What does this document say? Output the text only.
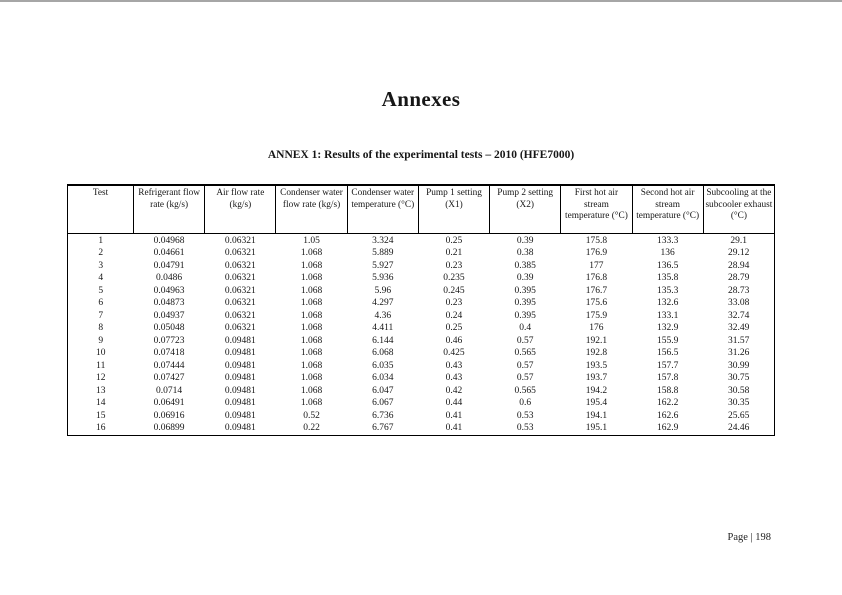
Annexes
ANNEX 1: Results of the experimental tests – 2010 (HFE7000)
Test	Refrigerant flow rate (kg/s)	Air flow rate (kg/s)	Condenser water flow rate (kg/s)	Condenser water temperature (°C)	Pump 1 setting (X1)	Pump 2 setting (X2)	First hot air stream temperature (°C)	Second hot air stream temperature (°C)	Subcooling at the subcooler exhaust (°C)
1	0.04968	0.06321	1.05	3.324	0.25	0.39	175.8	133.3	29.1
2	0.04661	0.06321	1.068	5.889	0.21	0.38	176.9	136	29.12
3	0.04791	0.06321	1.068	5.927	0.23	0.385	177	136.5	28.94
4	0.0486	0.06321	1.068	5.936	0.235	0.39	176.8	135.8	28.79
5	0.04963	0.06321	1.068	5.96	0.245	0.395	176.7	135.3	28.73
6	0.04873	0.06321	1.068	4.297	0.23	0.395	175.6	132.6	33.08
7	0.04937	0.06321	1.068	4.36	0.24	0.395	175.9	133.1	32.74
8	0.05048	0.06321	1.068	4.411	0.25	0.4	176	132.9	32.49
9	0.07723	0.09481	1.068	6.144	0.46	0.57	192.1	155.9	31.57
10	0.07418	0.09481	1.068	6.068	0.425	0.565	192.8	156.5	31.26
11	0.07444	0.09481	1.068	6.035	0.43	0.57	193.5	157.7	30.99
12	0.07427	0.09481	1.068	6.034	0.43	0.57	193.7	157.8	30.75
13	0.0714	0.09481	1.068	6.047	0.42	0.565	194.2	158.8	30.58
14	0.06491	0.09481	1.068	6.067	0.44	0.6	195.4	162.2	30.35
15	0.06916	0.09481	0.52	6.736	0.41	0.53	194.1	162.6	25.65
16	0.06899	0.09481	0.22	6.767	0.41	0.53	195.1	162.9	24.46
Page | 198
